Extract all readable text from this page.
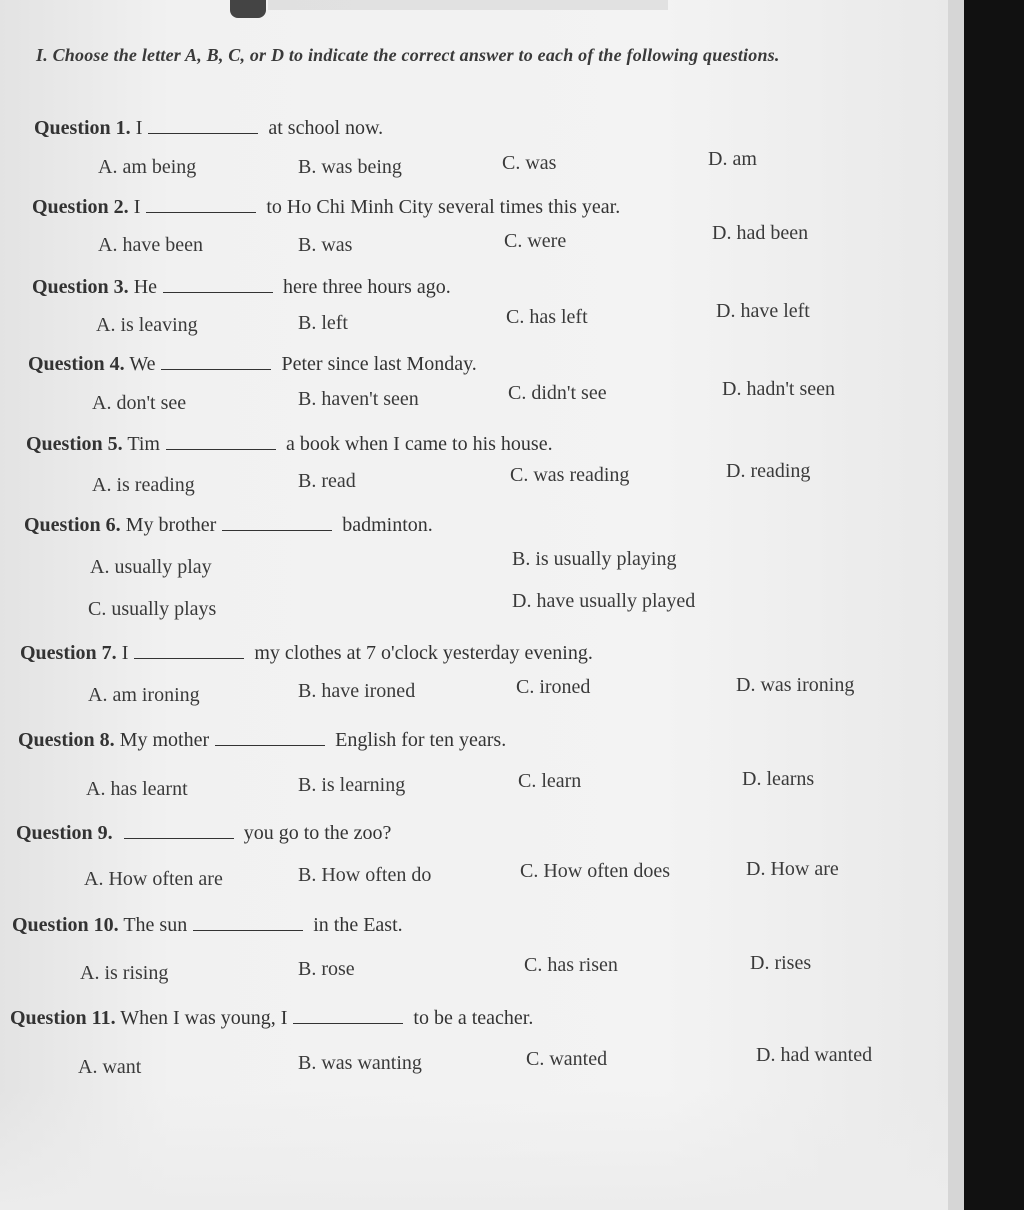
I. Choose the letter A, B, C, or D to indicate the correct answer to each of the following questions.
Question 1. I	at school now.
A. am being	B. was being	C. was	D. am
Question 2. I	to Ho Chi Minh City several times this year.
A. have been	B. was	C. were	D. had been
Question 3. He	here three hours ago.
A. is leaving	B. left	C. has left	D. have left
Question 4. We	Peter since last Monday.
A. don't see	B. haven't seen	C. didn't see	D. hadn't seen
Question 5. Tim	a book when I came to his house.
A. is reading	B. read	C. was reading	D. reading
Question 6. My brother	badminton.
A. usually play	B. is usually playing
C. usually plays	D. have usually played
Question 7. I	my clothes at 7 o'clock yesterday evening.
A. am ironing	B. have ironed	C. ironed	D. was ironing
Question 8. My mother	English for ten years.
A. has learnt	B. is learning	C. learn	D. learns
Question 9.	you go to the zoo?
A. How often are	B. How often do	C. How often does	D. How are
Question 10. The sun	in the East.
A. is rising	B. rose	C. has risen	D. rises
Question 11. When I was young, I	to be a teacher.
A. want	B. was wanting	C. wanted	D. had wanted
